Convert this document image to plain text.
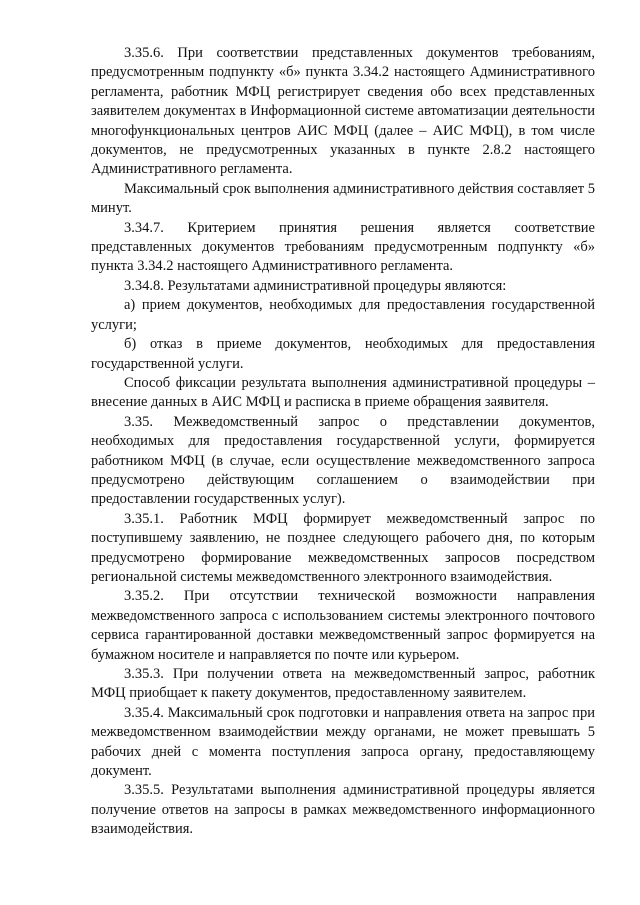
3.35.6. При соответствии представленных документов требованиям, предусмотренным подпункту «б» пункта 3.34.2 настоящего Административного регламента, работник МФЦ регистрирует сведения обо всех представленных заявителем документах в Информационной системе автоматизации деятельности многофункциональных центров АИС МФЦ (далее – АИС МФЦ), в том числе документов, не предусмотренных указанных в пункте 2.8.2 настоящего Административного регламента.

Максимальный срок выполнения административного действия составляет 5 минут.

3.34.7. Критерием принятия решения является соответствие представленных документов требованиям предусмотренным подпункту «б» пункта 3.34.2 настоящего Административного регламента.

3.34.8. Результатами административной процедуры являются:

а) прием документов, необходимых для предоставления государственной услуги;

б) отказ в приеме документов, необходимых для предоставления государственной услуги.

Способ фиксации результата выполнения административной процедуры – внесение данных в АИС МФЦ и расписка в приеме обращения заявителя.

3.35. Межведомственный запрос о представлении документов, необходимых для предоставления государственной услуги, формируется работником МФЦ (в случае, если осуществление межведомственного запроса предусмотрено действующим соглашением о взаимодействии при предоставлении государственных услуг).

3.35.1. Работник МФЦ формирует межведомственный запрос по поступившему заявлению, не позднее следующего рабочего дня, по которым предусмотрено формирование межведомственных запросов посредством региональной системы межведомственного электронного взаимодействия.

3.35.2. При отсутствии технической возможности направления межведомственного запроса с использованием системы электронного почтового сервиса гарантированной доставки межведомственный запрос формируется на бумажном носителе и направляется по почте или курьером.

3.35.3. При получении ответа на межведомственный запрос, работник МФЦ приобщает к пакету документов, предоставленному заявителем.

3.35.4. Максимальный срок подготовки и направления ответа на запрос при межведомственном взаимодействии между органами, не может превышать 5 рабочих дней с момента поступления запроса органу, предоставляющему документ.

3.35.5. Результатами выполнения административной процедуры является получение ответов на запросы в рамках межведомственного информационного взаимодействия.
